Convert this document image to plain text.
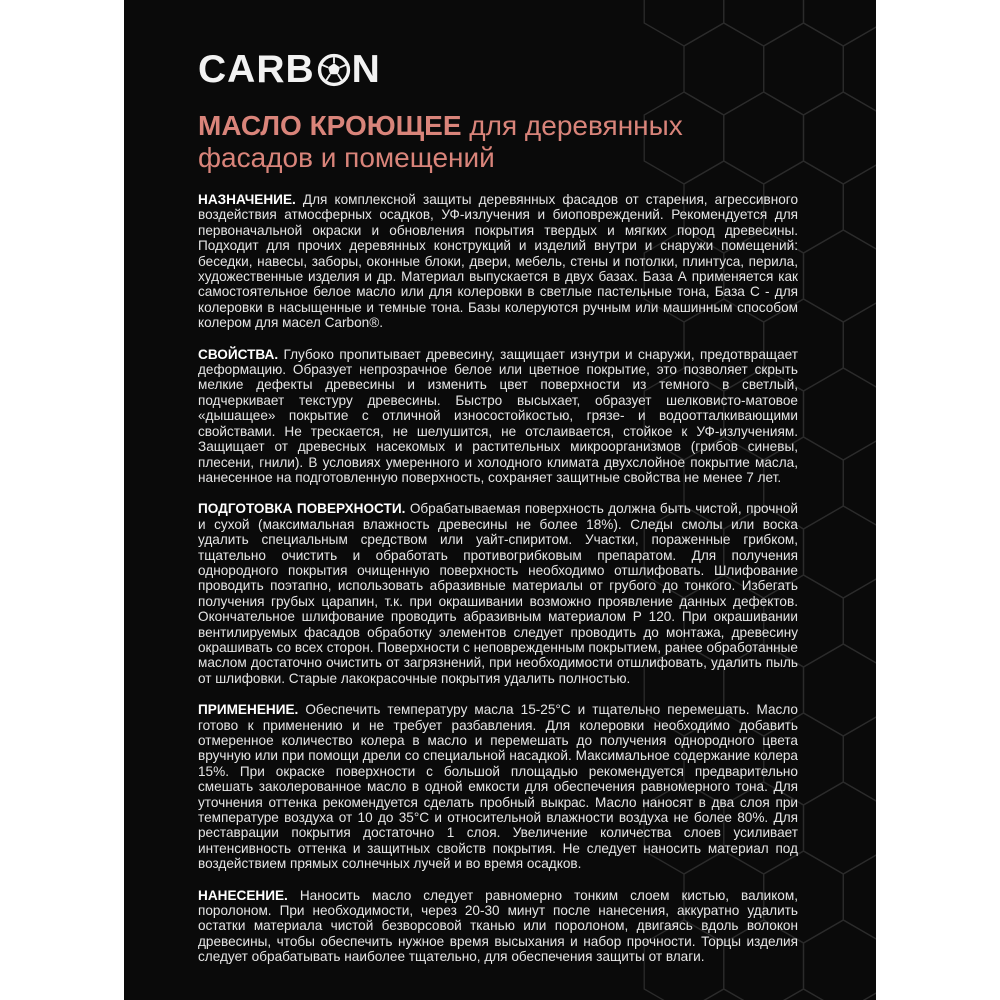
CARB N
МАСЛО КРОЮЩЕЕ для деревянных фасадов и помещений

НАЗНАЧЕНИЕ. Для комплексной защиты деревянных фасадов от старения, агрессивного воздействия атмосферных осадков, УФ-излучения и биоповреждений. Рекомендуется для первоначальной окраски и обновления покрытия твердых и мягких пород древесины. Подходит для прочих деревянных конструкций и изделий внутри и снаружи помещений: беседки, навесы, заборы, оконные блоки, двери, мебель, стены и потолки, плинтуса, перила, художественные изделия и др. Материал выпускается в двух базах. База А применяется как самостоятельное белое масло или для колеровки в светлые пастельные тона, База С - для колеровки в насыщенные и темные тона. Базы колеруются ручным или машинным способом колером для масел Carbon®.

СВОЙСТВА. Глубоко пропитывает древесину, защищает изнутри и снаружи, предотвращает деформацию. Образует непрозрачное белое или цветное покрытие, это позволяет скрыть мелкие дефекты древесины и изменить цвет поверхности из темного в светлый, подчеркивает текстуру древесины. Быстро высыхает, образует шелковисто-матовое «дышащее» покрытие с отличной износостойкостью, грязе- и водоотталкивающими свойствами. Не трескается, не шелушится, не отслаивается, стойкое к УФ-излучениям. Защищает от древесных насекомых и растительных микроорганизмов (грибов синевы, плесени, гнили). В условиях умеренного и холодного климата двухслойное покрытие масла, нанесенное на подготовленную поверхность, сохраняет защитные свойства не менее 7 лет.

ПОДГОТОВКА ПОВЕРХНОСТИ. Обрабатываемая поверхность должна быть чистой, прочной и сухой (максимальная влажность древесины не более 18%). Следы смолы или воска удалить специальным средством или уайт-спиритом. Участки, пораженные грибком, тщательно очистить и обработать противогрибковым препаратом. Для получения однородного покрытия очищенную поверхность необходимо отшлифовать. Шлифование проводить поэтапно, использовать абразивные материалы от грубого до тонкого. Избегать получения грубых царапин, т.к. при окрашивании возможно проявление данных дефектов. Окончательное шлифование проводить абразивным материалом Р 120. При окрашивании вентилируемых фасадов обработку элементов следует проводить до монтажа, древесину окрашивать со всех сторон. Поверхности с неповрежденным покрытием, ранее обработанные маслом достаточно очистить от загрязнений, при необходимости отшлифовать, удалить пыль от шлифовки. Старые лакокрасочные покрытия удалить полностью.

ПРИМЕНЕНИЕ. Обеспечить температуру масла 15-25°С и тщательно перемешать. Масло готово к применению и не требует разбавления. Для колеровки необходимо добавить отмеренное количество колера в масло и перемешать до получения однородного цвета вручную или при помощи дрели со специальной насадкой. Максимальное содержание колера 15%. При окраске поверхности с большой площадью рекомендуется предварительно смешать заколерованное масло в одной емкости для обеспечения равномерного тона. Для уточнения оттенка рекомендуется сделать пробный выкрас. Масло наносят в два слоя при температуре воздуха от 10 до 35°С и относительной влажности воздуха не более 80%. Для реставрации покрытия достаточно 1 слоя. Увеличение количества слоев усиливает интенсивность оттенка и защитных свойств покрытия. Не следует наносить материал под воздействием прямых солнечных лучей и во время осадков.

НАНЕСЕНИЕ. Наносить масло следует равномерно тонким слоем кистью, валиком, поролоном. При необходимости, через 20-30 минут после нанесения, аккуратно удалить остатки материала чистой безворсовой тканью или поролоном, двигаясь вдоль волокон древесины, чтобы обеспечить нужное время высыхания и набор прочности. Торцы изделия следует обрабатывать наиболее тщательно, для обеспечения защиты от влаги.
